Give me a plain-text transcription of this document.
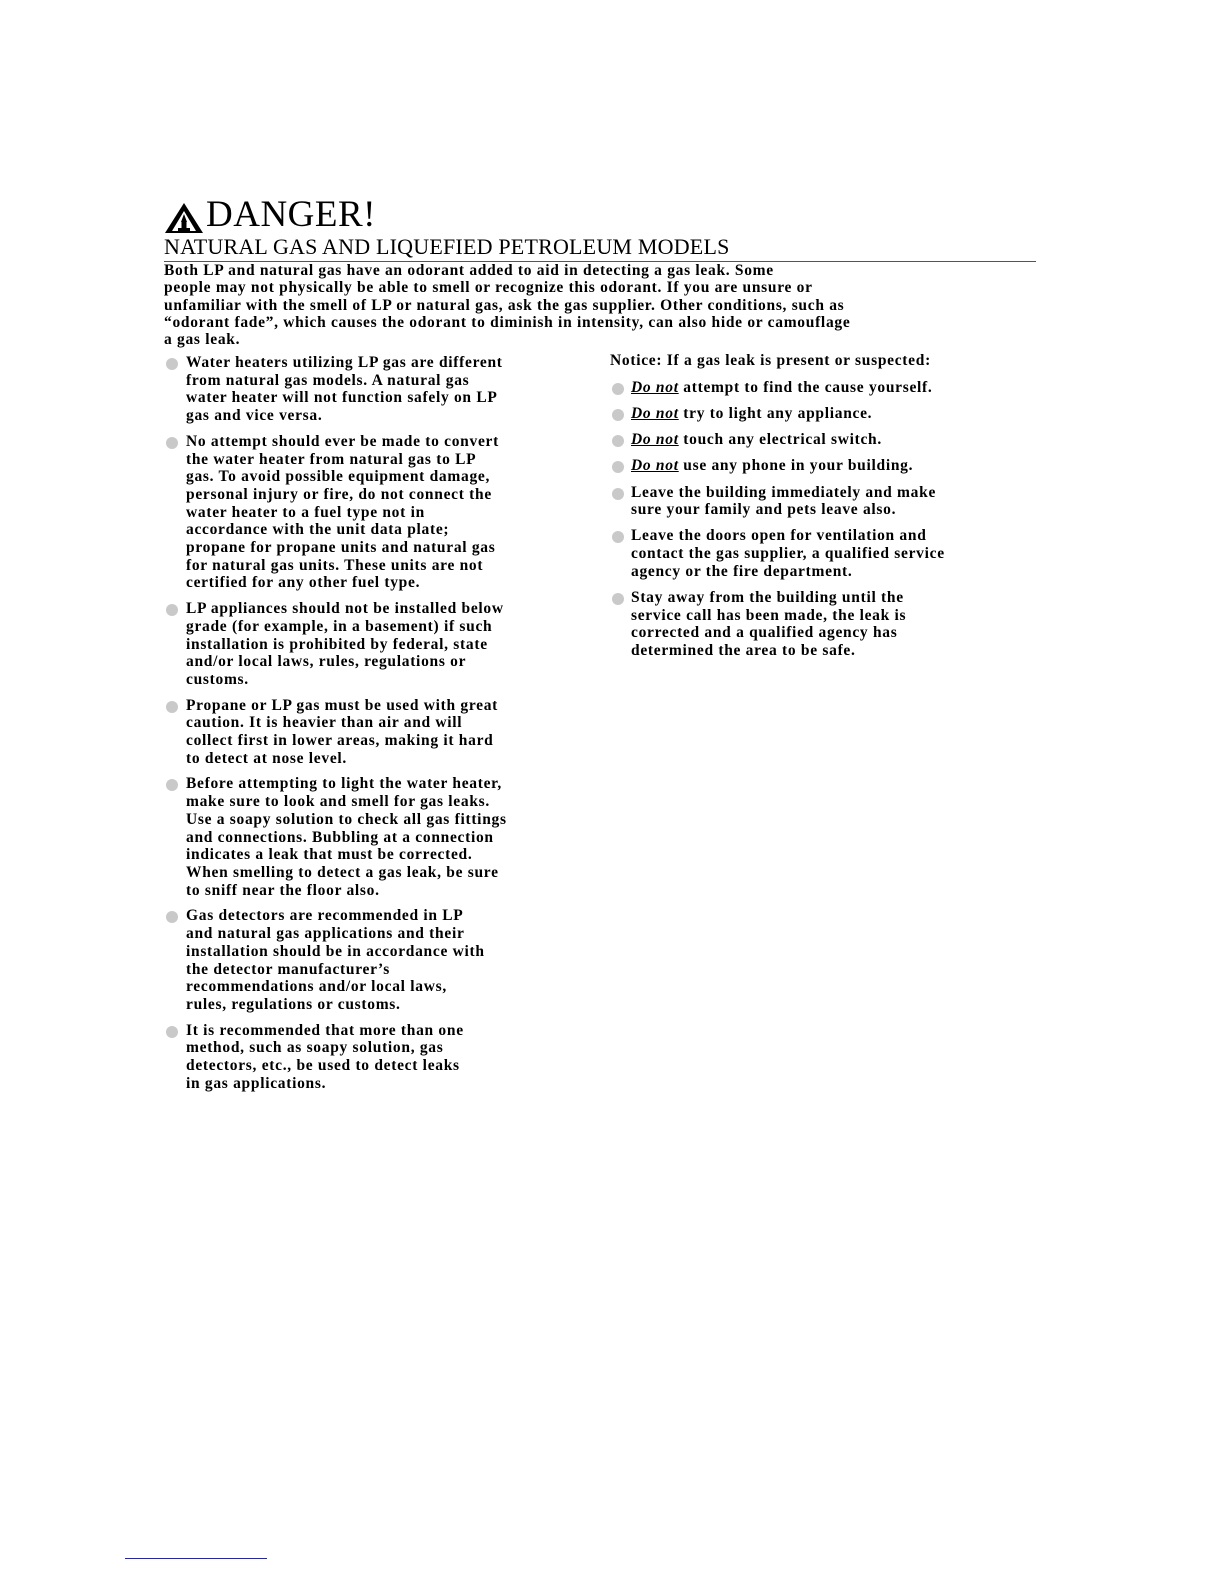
DANGER!
NATURAL GAS AND LIQUEFIED PETROLEUM MODELS
Both LP and natural gas have an odorant added to aid in detecting a gas leak. Some
people may not physically be able to smell or recognize this odorant. If you are unsure or
unfamiliar with the smell of LP or natural gas, ask the gas supplier. Other conditions, such as
“odorant fade”, which causes the odorant to diminish in intensity, can also hide or camouflage
a gas leak.
Water heaters utilizing LP gas are different
from natural gas models. A natural gas
water heater will not function safely on LP
gas and vice versa.
No attempt should ever be made to convert
the water heater from natural gas to LP
gas. To avoid possible equipment damage,
personal injury or fire, do not connect the
water heater to a fuel type not in
accordance with the unit data plate;
propane for propane units and natural gas
for natural gas units. These units are not
certified for any other fuel type.
LP appliances should not be installed below
grade (for example, in a basement) if such
installation is prohibited by federal, state
and/or local laws, rules, regulations or
customs.
Propane or LP gas must be used with great
caution. It is heavier than air and will
collect first in lower areas, making it hard
to detect at nose level.
Before attempting to light the water heater,
make sure to look and smell for gas leaks.
Use a soapy solution to check all gas fittings
and connections. Bubbling at a connection
indicates a leak that must be corrected.
When smelling to detect a gas leak, be sure
to sniff near the floor also.
Gas detectors are recommended in LP
and natural gas applications and their
installation should be in accordance with
the detector manufacturer’s
recommendations and/or local laws,
rules, regulations or customs.
It is recommended that more than one
method, such as soapy solution, gas
detectors, etc., be used to detect leaks
in gas applications.
Notice: If a gas leak is present or suspected:
Do not attempt to find the cause yourself.
Do not try to light any appliance.
Do not touch any electrical switch.
Do not use any phone in your building.
Leave the building immediately and make
sure your family and pets leave also.
Leave the doors open for ventilation and
contact the gas supplier, a qualified service
agency or the fire department.
Stay away from the building until the
service call has been made, the leak is
corrected and a qualified agency has
determined the area to be safe.
